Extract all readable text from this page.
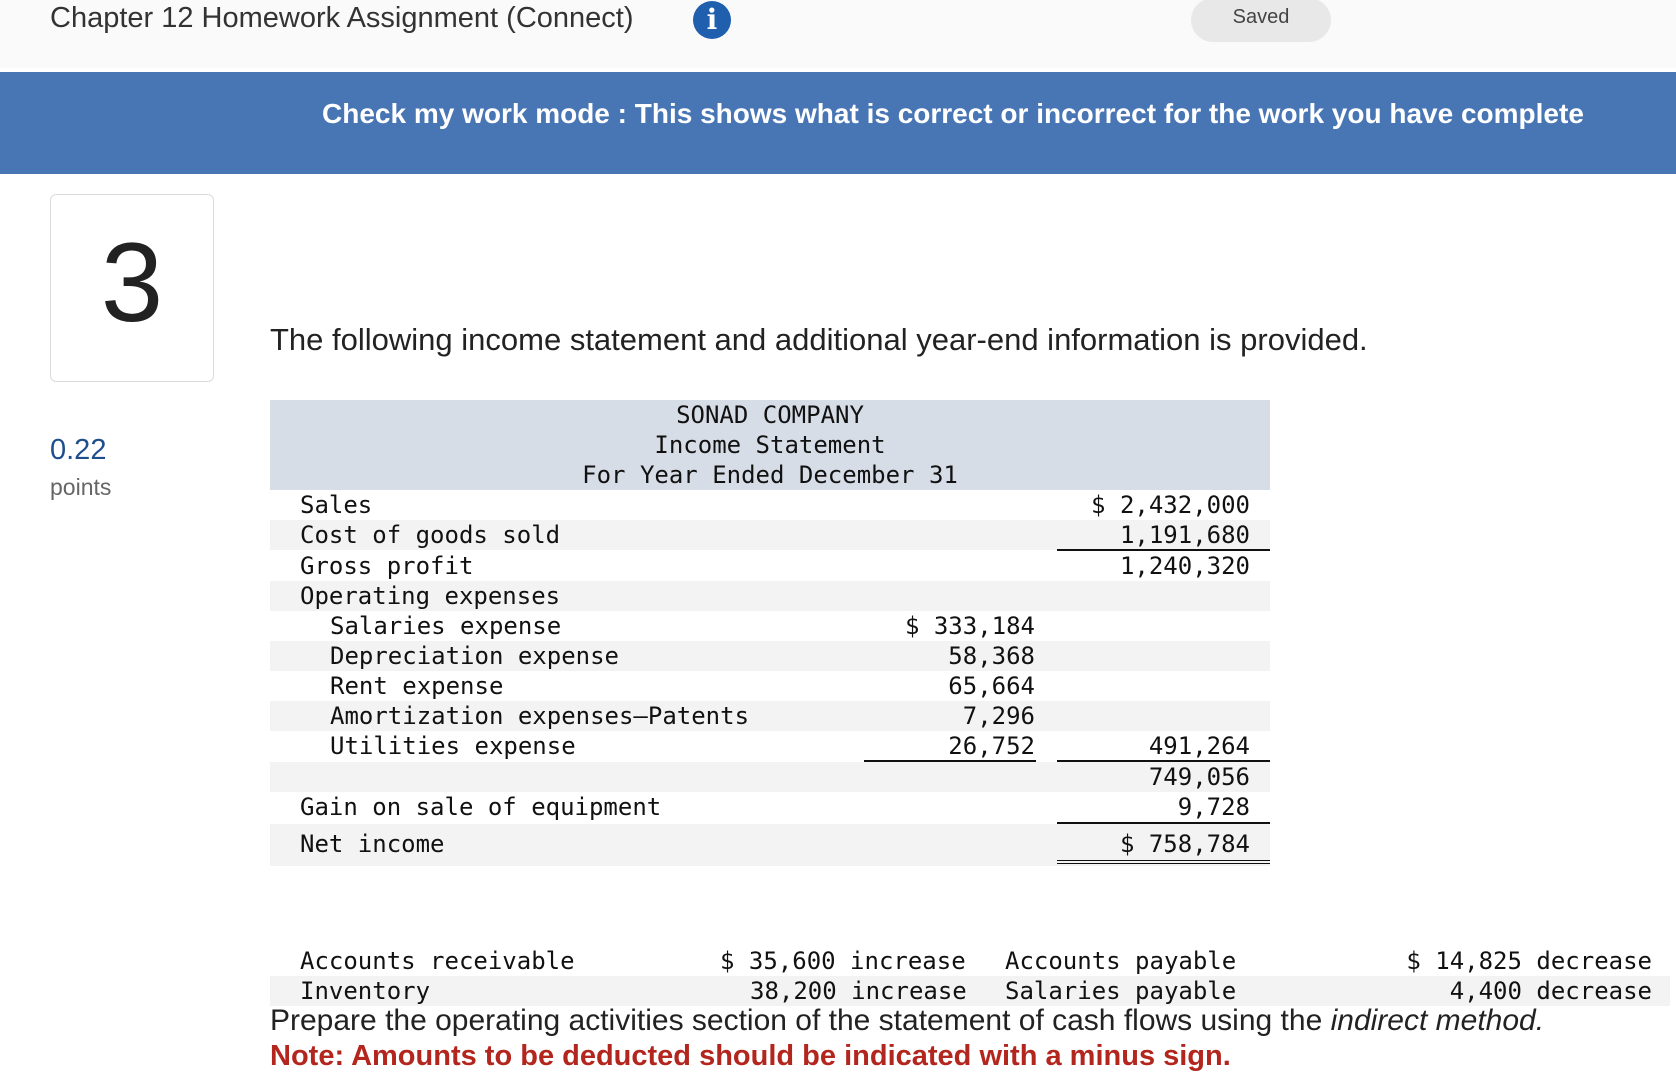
Chapter 12 Homework Assignment (Connect)	i	Saved
Check my work mode : This shows what is correct or incorrect for the work you have complete
3
0.22
points
The following income statement and additional year-end information is provided.
SONAD COMPANY
Income Statement
For Year Ended December 31
Sales	$ 2,432,000
Cost of goods sold	1,191,680
Gross profit	1,240,320
Operating expenses
Salaries expense	$ 333,184
Depreciation expense	58,368
Rent expense	65,664
Amortization expenses—Patents	7,296
Utilities expense	26,752	491,264
749,056
Gain on sale of equipment	9,728
Net income	$ 758,784
Accounts receivable	$ 35,600 increase Accounts payable	$ 14,825 decrease
Inventory	38,200 increase Salaries payable	4,400 decrease
Prepare the operating activities section of the statement of cash flows using the indirect method.
Note: Amounts to be deducted should be indicated with a minus sign.
